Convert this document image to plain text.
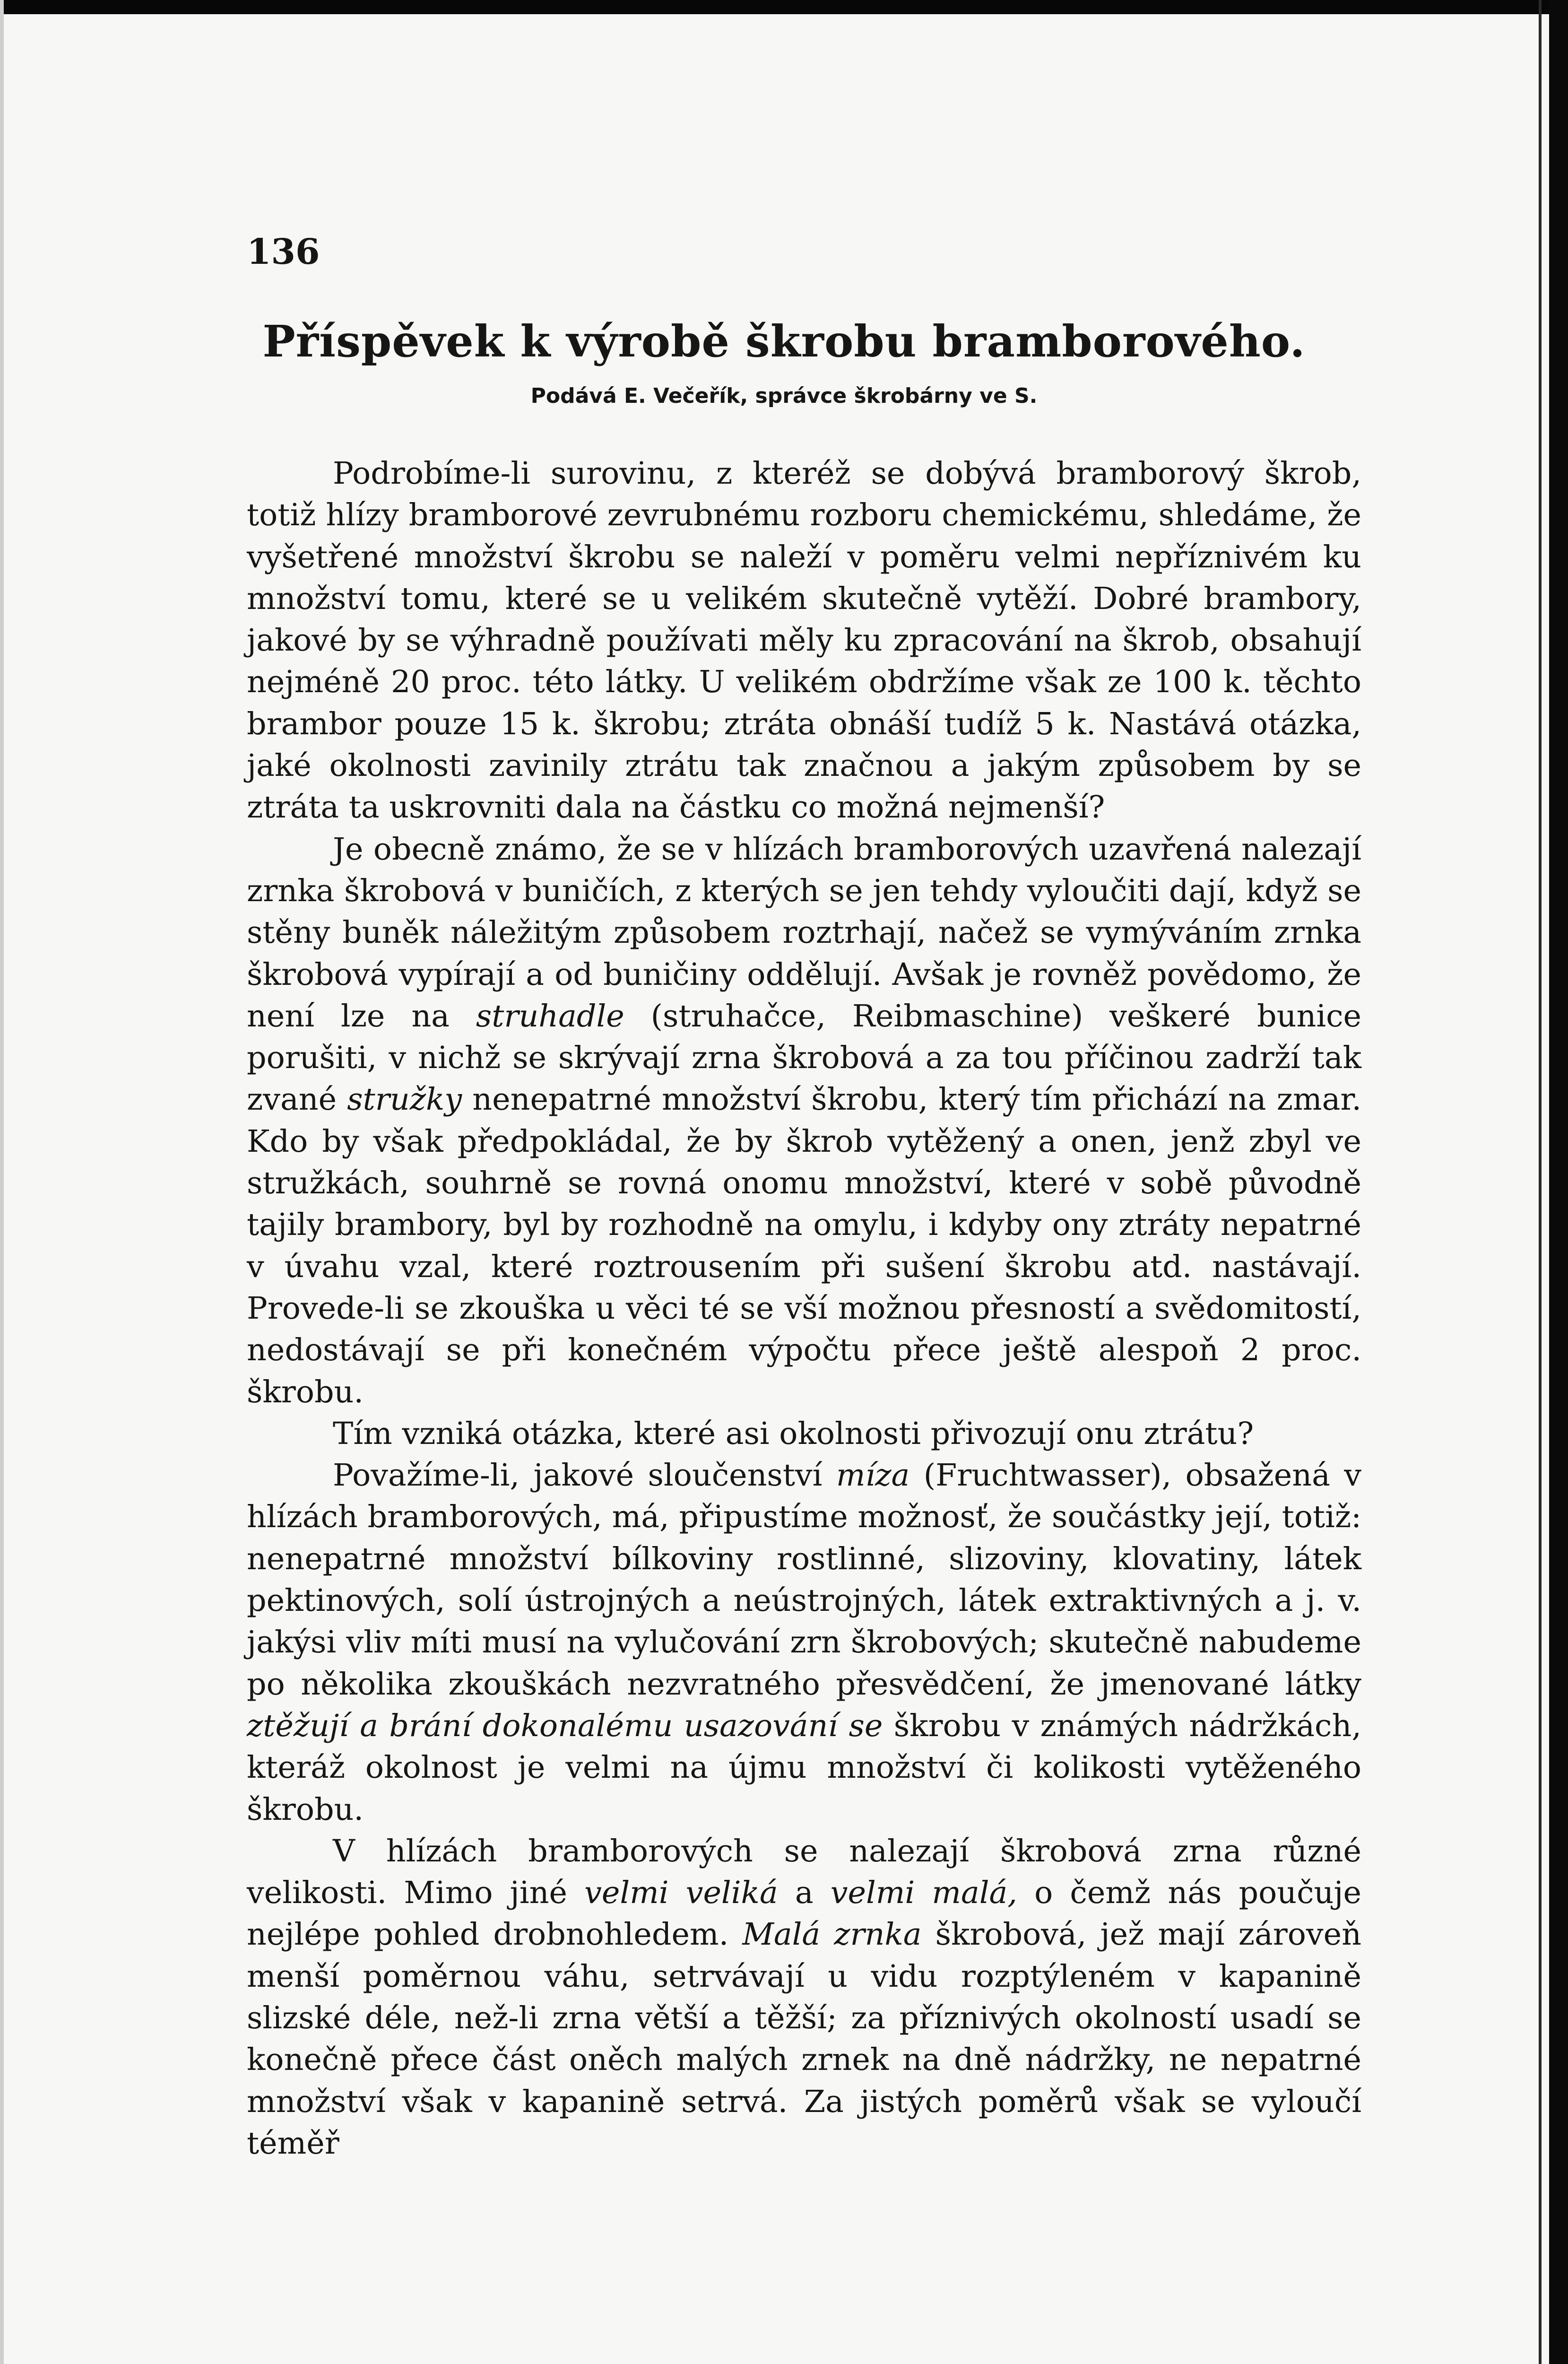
136
Příspěvek k výrobě škrobu bramborového.
Podává E. Večeřík, správce škrobárny ve S.

Podrobíme-li surovinu, z kteréž se dobývá bramborový škrob, totiž hlízy bramborové zevrubnému rozboru chemickému, shledáme, že vyšetřené množství škrobu se naleží v poměru velmi nepříznivém ku množství tomu, které se u velikém skutečně vytěží. Dobré brambory, jakové by se výhradně používati měly ku zpracování na škrob, obsahují nejméně 20 proc. této látky. U velikém obdržíme však ze 100 k. těchto brambor pouze 15 k. škrobu; ztráta obnáší tudíž 5 k. Nastává otázka, jaké okolnosti zavinily ztrátu tak značnou a jakým způsobem by se ztráta ta uskrovniti dala na částku co možná nejmenší?

Je obecně známo, že se v hlízách bramborových uzavřená nalezají zrnka škrobová v buničích, z kterých se jen tehdy vyloučiti dají, když se stěny buněk náležitým způsobem roztrhají, načež se vymýváním zrnka škrobová vypírají a od buničiny oddělují. Avšak je rovněž povědomo, že není lze na struhadle (struhačce, Reibmaschine) veškeré bunice porušiti, v nichž se skrývají zrna škrobová a za tou příčinou zadrží tak zvané stružky nenepatrné množství škrobu, který tím přichází na zmar. Kdo by však předpokládal, že by škrob vytěžený a onen, jenž zbyl ve stružkách, souhrně se rovná onomu množství, které v sobě původně tajily brambory, byl by rozhodně na omylu, i kdyby ony ztráty nepatrné v úvahu vzal, které roztrousením při sušení škrobu atd. nastávají. Provede-li se zkouška u věci té se vší možnou přesností a svědomitostí, nedostávají se při konečném výpočtu přece ještě alespoň 2 proc. škrobu.

Tím vzniká otázka, které asi okolnosti přivozují onu ztrátu?

Považíme-li, jakové sloučenství míza (Fruchtwasser), obsažená v hlízách bramborových, má, připustíme možnosť, že součástky její, totiž: nenepatrné množství bílkoviny rostlinné, slizoviny, klovatiny, látek pektinových, solí ústrojných a neústrojných, látek extraktivných a j. v. jakýsi vliv míti musí na vylučování zrn škrobových; skutečně nabudeme po několika zkouškách nezvratného přesvědčení, že jmenované látky ztěžují a brání dokonalému usazování se škrobu v známých nádržkách, kteráž okolnost je velmi na újmu množství či kolikosti vytěženého škrobu.

V hlízách bramborových se nalezají škrobová zrna různé velikosti. Mimo jiné velmi veliká a velmi malá, o čemž nás poučuje nejlépe pohled drobnohledem. Malá zrnka škrobová, jež mají zároveň menší poměrnou váhu, setrvávají u vidu rozptýleném v kapanině slizské déle, než-li zrna větší a těžší; za příznivých okolností usadí se konečně přece část oněch malých zrnek na dně nádržky, ne nepatrné množství však v kapanině setrvá. Za jistých poměrů však se vyloučí téměř
